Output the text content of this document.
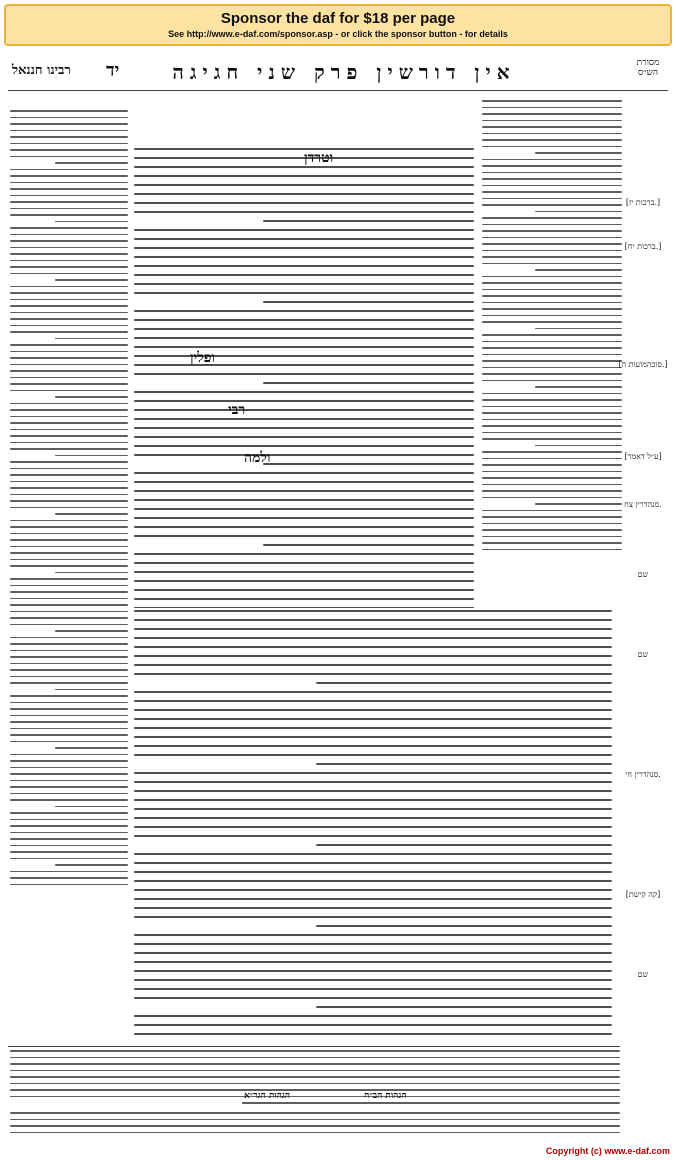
Sponsor the daf for $18 per page
See http://www.e-daf.com/sponsor.asp - or click the sponsor button - for details
מסורת הש״ס
אין דורשין פרק שני חגיגה
יד
רבינו חננאל
וטרדן
ופלין
רבי
ולמה
[ברכות יז.]
[ברכות יח.]
[סוכהמועות ה.]
[ע״ל דאמר]
סנהדרין צח.
שם
שם
סנהדרין חי.
[קה קישת]
שם
הגהות הגר״א	הגהות הב״ח
Copyright (c) www.e-daf.com
